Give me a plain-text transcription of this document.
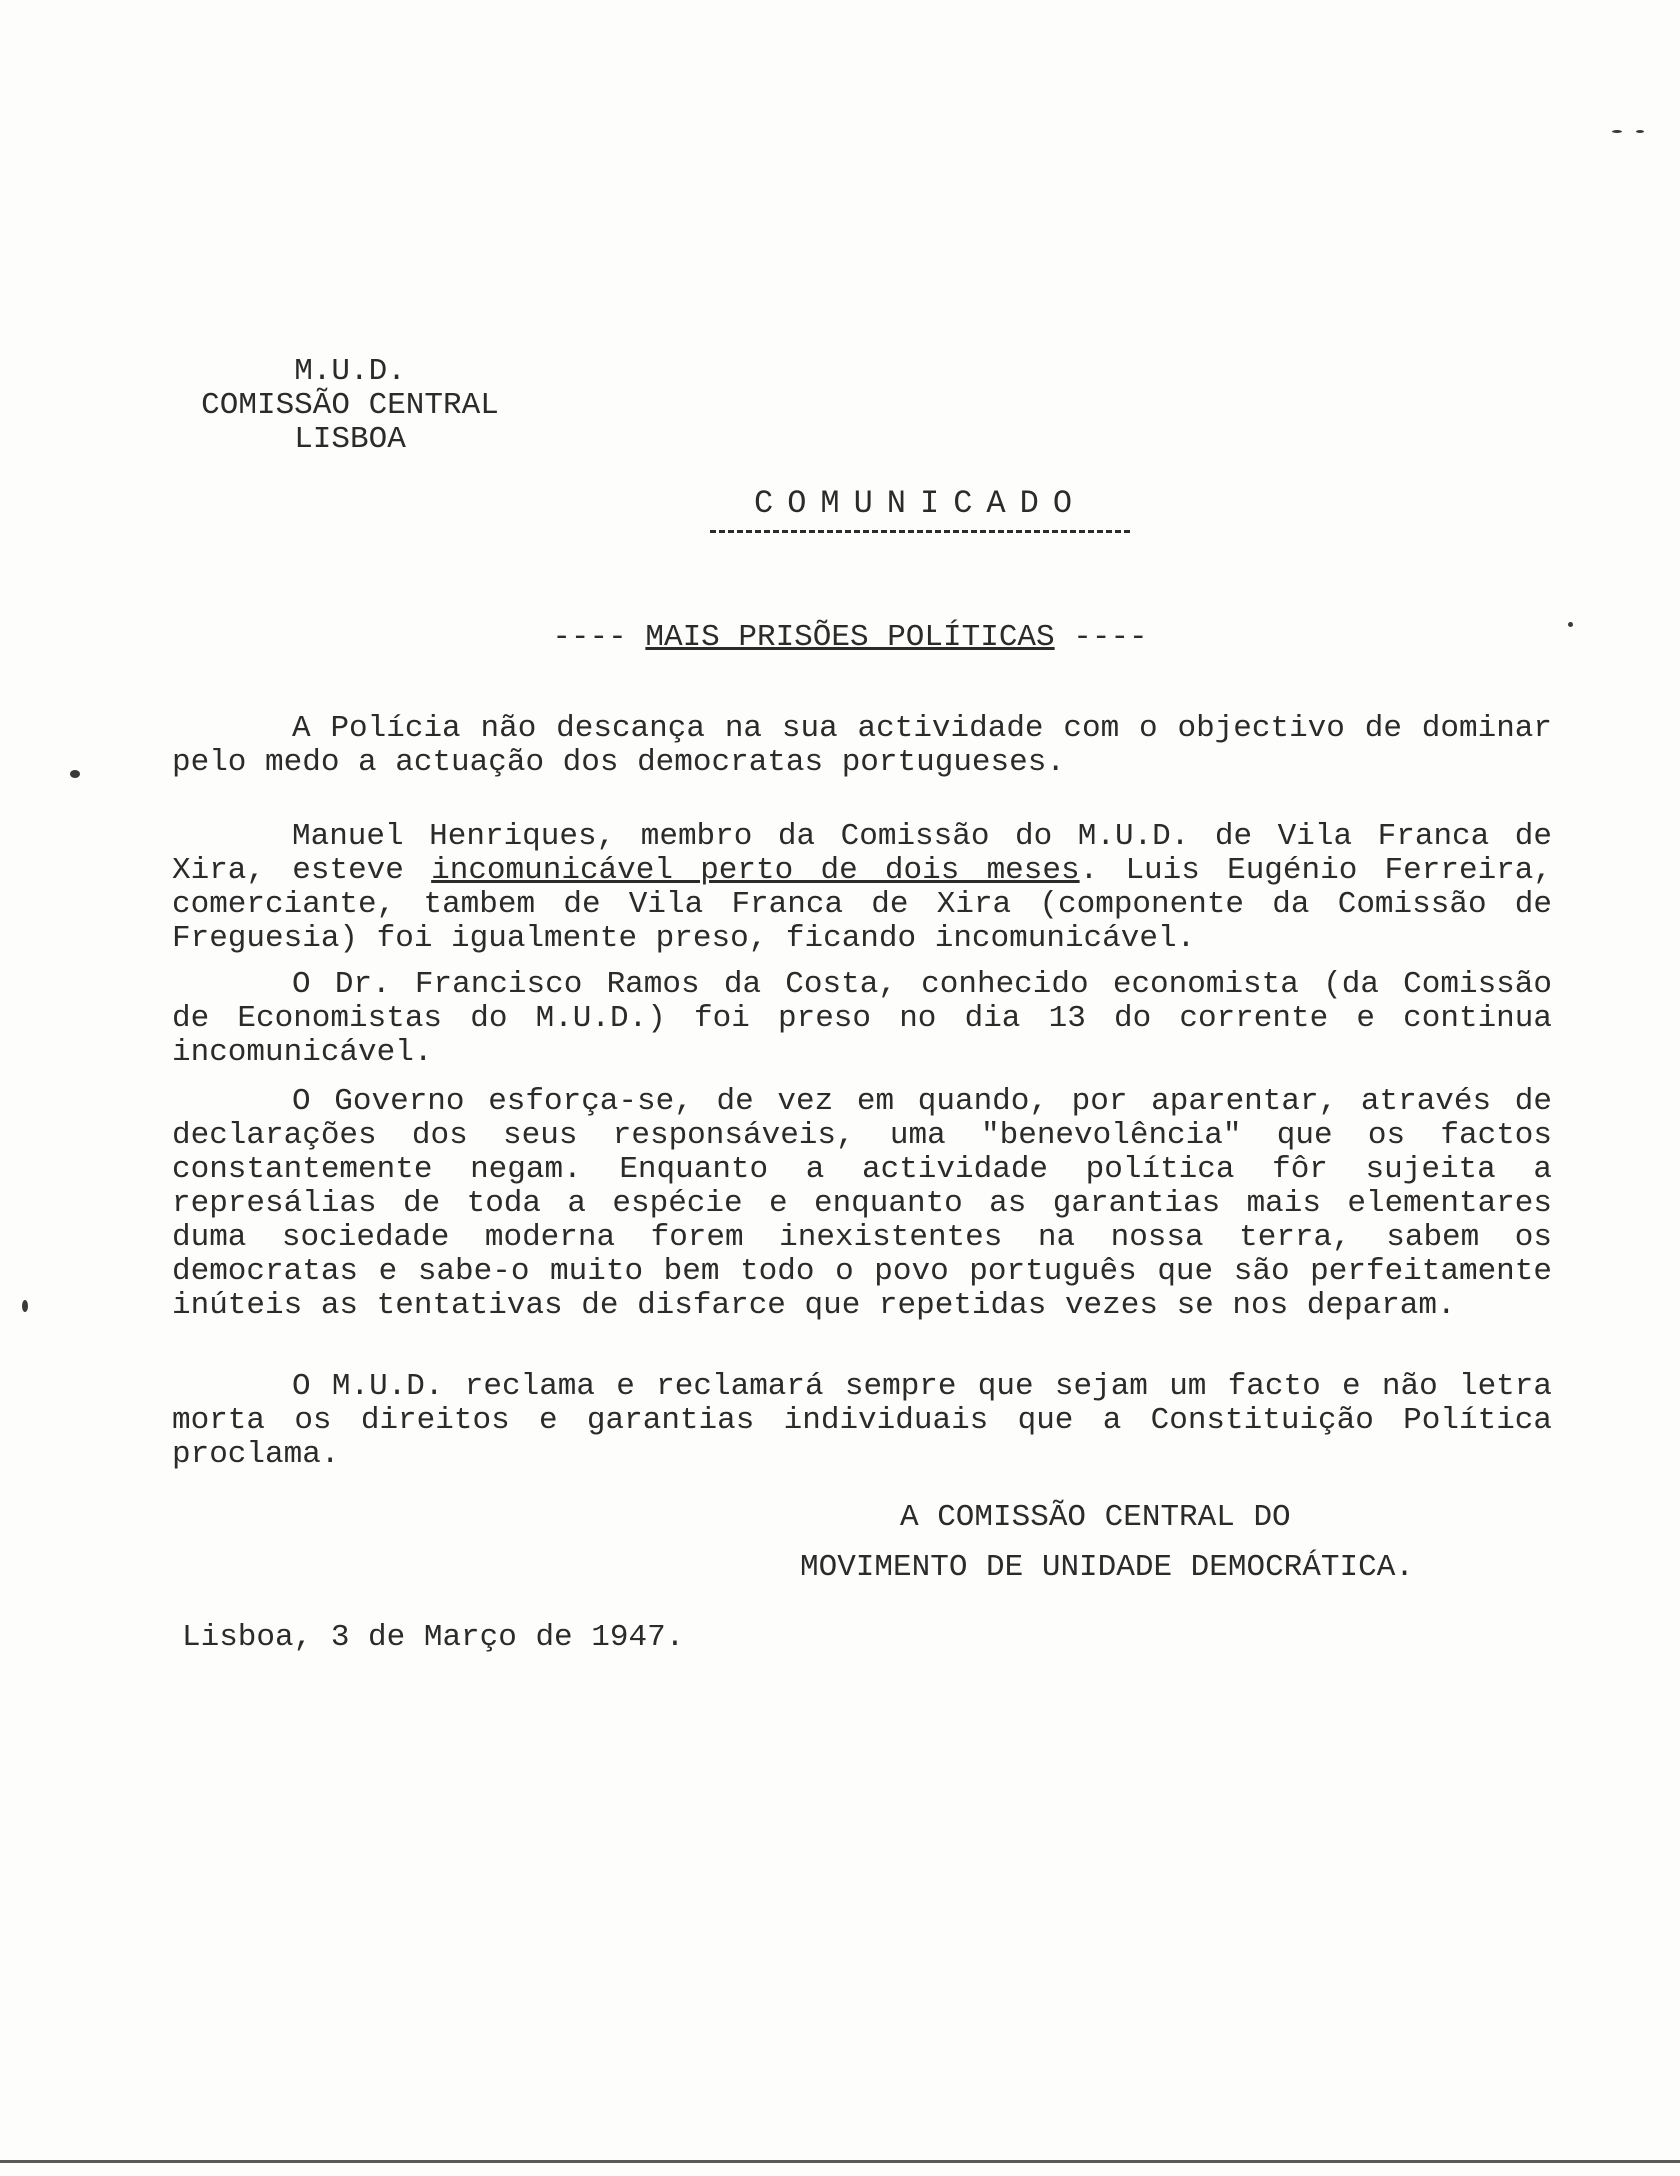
M.U.D.
COMISSÃO CENTRAL
LISBOA
COMUNICADO
---- MAIS PRISÕES POLÍTICAS ----

A Polícia não descança na sua actividade com o objectivo de dominar pelo medo a actuação dos democratas portugueses.

Manuel Henriques, membro da Comissão do M.U.D. de Vila Franca de Xira, esteve incomunicável perto de dois meses. Luis Eugénio Ferreira, comerciante, tambem de Vila Franca de Xira (componente da Comissão de Freguesia) foi igualmente preso, ficando incomunicável.

O Dr. Francisco Ramos da Costa, conhecido economista (da Comissão de Economistas do M.U.D.) foi preso no dia 13 do corrente e continua incomunicável.

O Governo esforça-se, de vez em quando, por aparentar, através de declarações dos seus responsáveis, uma "benevolência" que os factos constantemente negam. Enquanto a actividade política fôr sujeita a represálias de toda a espécie e enquanto as garantias mais elementares duma sociedade moderna forem inexistentes na nossa terra, sabem os democratas e sabe-o muito bem todo o povo português que são perfeitamente inúteis as tentativas de disfarce que repetidas vezes se nos deparam.

O M.U.D. reclama e reclamará sempre que sejam um facto e não letra morta os direitos e garantias individuais que a Constituição Política proclama.

A COMISSÃO CENTRAL DO
MOVIMENTO DE UNIDADE DEMOCRÁTICA.
Lisboa, 3 de Março de 1947.
